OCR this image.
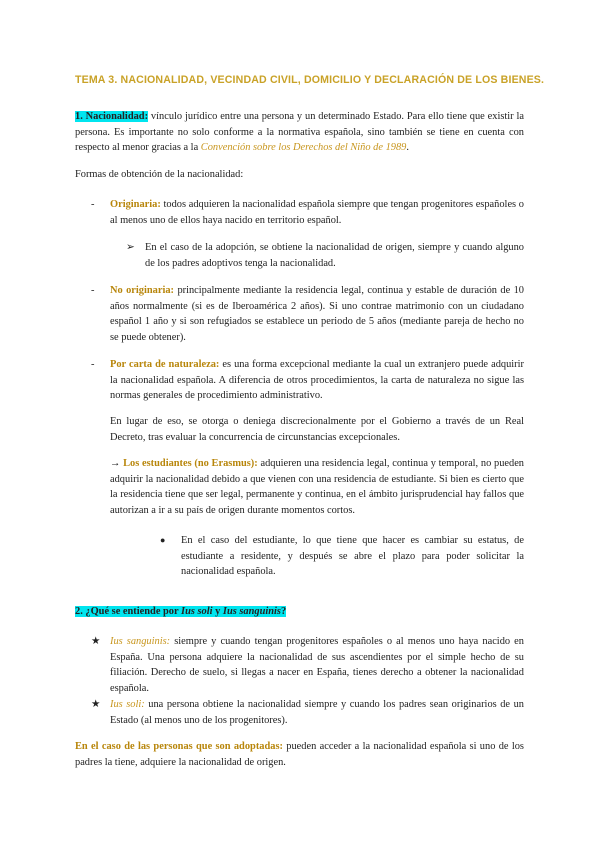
TEMA 3. NACIONALIDAD, VECINDAD CIVIL, DOMICILIO Y DECLARACIÓN DE LOS BIENES.

1. Nacionalidad: vínculo jurídico entre una persona y un determinado Estado. Para ello tiene que existir la persona. Es importante no solo conforme a la normativa española, sino también se tiene en cuenta con respecto al menor gracias a la Convención sobre los Derechos del Niño de 1989.

Formas de obtención de la nacionalidad:

- Originaria: todos adquieren la nacionalidad española siempre que tengan progenitores españoles o al menos uno de ellos haya nacido en territorio español.

➢ En el caso de la adopción, se obtiene la nacionalidad de origen, siempre y cuando alguno de los padres adoptivos tenga la nacionalidad.

- No originaria: principalmente mediante la residencia legal, continua y estable de duración de 10 años normalmente (si es de Iberoamérica 2 años). Si uno contrae matrimonio con un ciudadano español 1 año y si son refugiados se establece un periodo de 5 años (mediante pareja de hecho no se puede obtener).

- Por carta de naturaleza: es una forma excepcional mediante la cual un extranjero puede adquirir la nacionalidad española. A diferencia de otros procedimientos, la carta de naturaleza no sigue las normas generales de procedimiento administrativo.

En lugar de eso, se otorga o deniega discrecionalmente por el Gobierno a través de un Real Decreto, tras evaluar la concurrencia de circunstancias excepcionales.

→ Los estudiantes (no Erasmus): adquieren una residencia legal, continua y temporal, no pueden adquirir la nacionalidad debido a que vienen con una residencia de estudiante. Si bien es cierto que la residencia tiene que ser legal, permanente y continua, en el ámbito jurisprudencial hay fallos que autorizan a ir a su país de origen durante momentos cortos.

● En el caso del estudiante, lo que tiene que hacer es cambiar su estatus, de estudiante a residente, y después se abre el plazo para poder solicitar la nacionalidad española.

2. ¿Qué se entiende por Ius soli y Ius sanguinis?

★ Ius sanguinis: siempre y cuando tengan progenitores españoles o al menos uno haya nacido en España. Una persona adquiere la nacionalidad de sus ascendientes por el simple hecho de su filiación. Derecho de suelo, si llegas a nacer en España, tienes derecho a obtener la nacionalidad española.

★ Ius soli: una persona obtiene la nacionalidad siempre y cuando los padres sean originarios de un Estado (al menos uno de los progenitores).

En el caso de las personas que son adoptadas: pueden acceder a la nacionalidad española si uno de los padres la tiene, adquiere la nacionalidad de origen.
